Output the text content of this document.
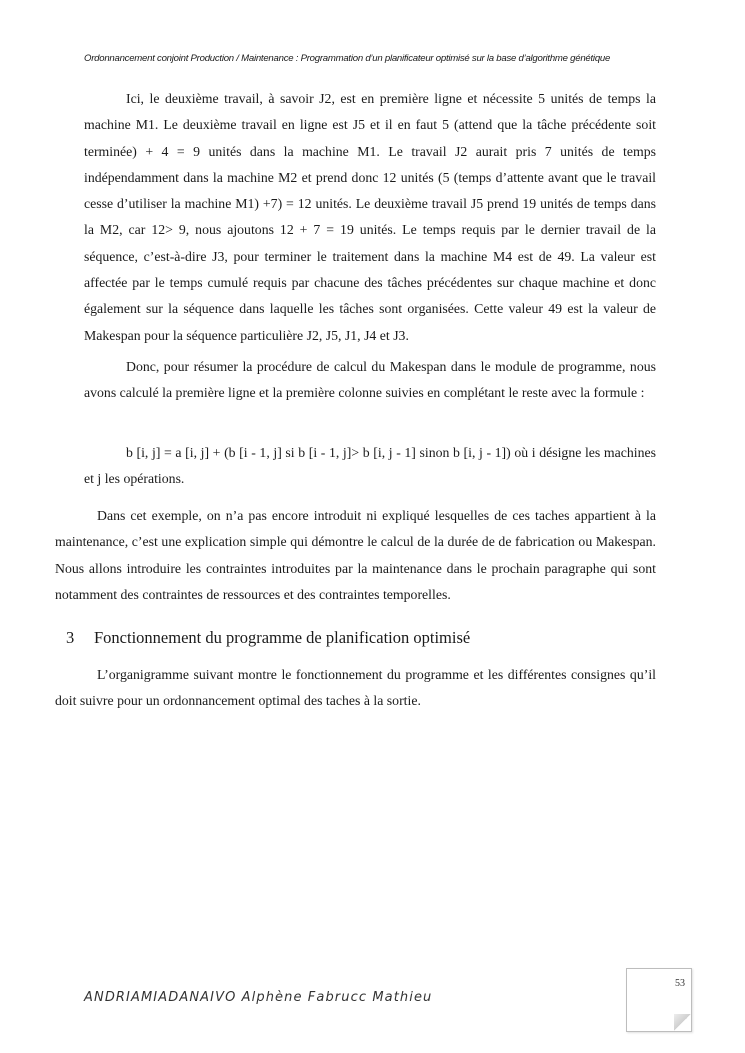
Ordonnancement conjoint Production / Maintenance : Programmation d’un planificateur optimisé sur la base d’algorithme génétique

Ici, le deuxième travail, à savoir J2, est en première ligne et nécessite 5 unités de temps la machine M1. Le deuxième travail en ligne est J5 et il en faut 5 (attend que la tâche précédente soit terminée) + 4 = 9 unités dans la machine M1. Le travail J2 aurait pris 7 unités de temps indépendamment dans la machine M2 et prend donc 12 unités (5 (temps d’attente avant que le travail cesse d’utiliser la machine M1) +7) = 12 unités. Le deuxième travail J5 prend 19 unités de temps dans la M2, car 12> 9, nous ajoutons 12 + 7 = 19 unités. Le temps requis par le dernier travail de la séquence, c’est-à-dire J3, pour terminer le traitement dans la machine M4 est de 49. La valeur est affectée par le temps cumulé requis par chacune des tâches précédentes sur chaque machine et donc également sur la séquence dans laquelle les tâches sont organisées. Cette valeur 49 est la valeur de Makespan pour la séquence particulière J2, J5, J1, J4 et J3.

Donc, pour résumer la procédure de calcul du Makespan dans le module de programme, nous avons calculé la première ligne et la première colonne suivies en complétant le reste avec la formule :

b [i, j] = a [i, j] + (b [i - 1, j] si b [i - 1, j]> b [i, j - 1] sinon b [i, j - 1]) où i désigne les machines et j les opérations.

Dans cet exemple, on n’a pas encore introduit ni expliqué lesquelles de ces taches appartient à la maintenance, c’est une explication simple qui démontre le calcul de la durée de de fabrication ou Makespan. Nous allons introduire les contraintes introduites par la maintenance dans le prochain paragraphe qui sont notamment des contraintes de ressources et des contraintes temporelles.

3 Fonctionnement du programme de planification optimisé

L’organigramme suivant montre le fonctionnement du programme et les différentes consignes qu’il doit suivre pour un ordonnancement optimal des taches à la sortie.

ANDRIAMIADANAIVO Alphène Fabrucc Mathieu
53
